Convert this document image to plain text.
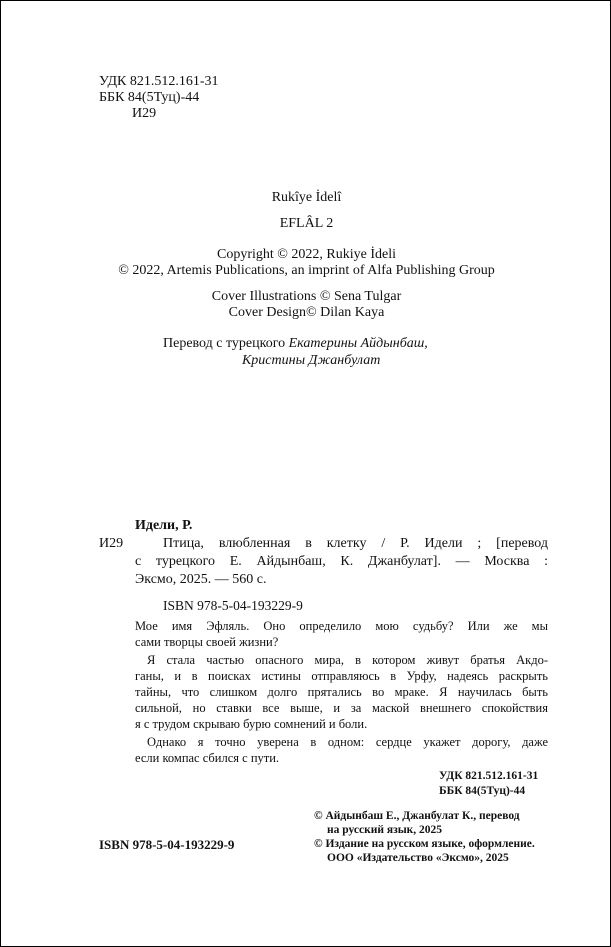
УДК 821.512.161-31
ББК 84(5Туц)-44
И29
Rukîye İdelî
EFLÂL 2
Copyright © 2022, Rukiye İdeli
© 2022, Artemis Publications, an imprint of Alfa Publishing Group
Cover Illustrations © Sena Tulgar
Cover Design© Dilan Kaya
Перевод с турецкого Екатерины Айдынбаш,
Кристины Джанбулат
Идели, Р.
И29	Птица, влюбленная в клетку / Р. Идели ; [перевод
с турецкого Е. Айдынбаш, К. Джанбулат]. — Москва :
Эксмо, 2025. — 560 с.
ISBN 978-5-04-193229-9
Мое имя Эфляль. Оно определило мою судьбу? Или же мы
сами творцы своей жизни?
Я стала частью опасного мира, в котором живут братья Акдо-
ганы, и в поисках истины отправляюсь в Урфу, надеясь раскрыть
тайны, что слишком долго прятались во мраке. Я научилась быть
сильной, но ставки все выше, и за маской внешнего спокойствия
я с трудом скрываю бурю сомнений и боли.
Однако я точно уверена в одном: сердце укажет дорогу, даже
если компас сбился с пути.
УДК 821.512.161-31
ББК 84(5Туц)-44
© Айдынбаш Е., Джанбулат К., перевод
на русский язык, 2025
© Издание на русском языке, оформление.
ООО «Издательство «Эксмо», 2025
ISBN 978-5-04-193229-9
